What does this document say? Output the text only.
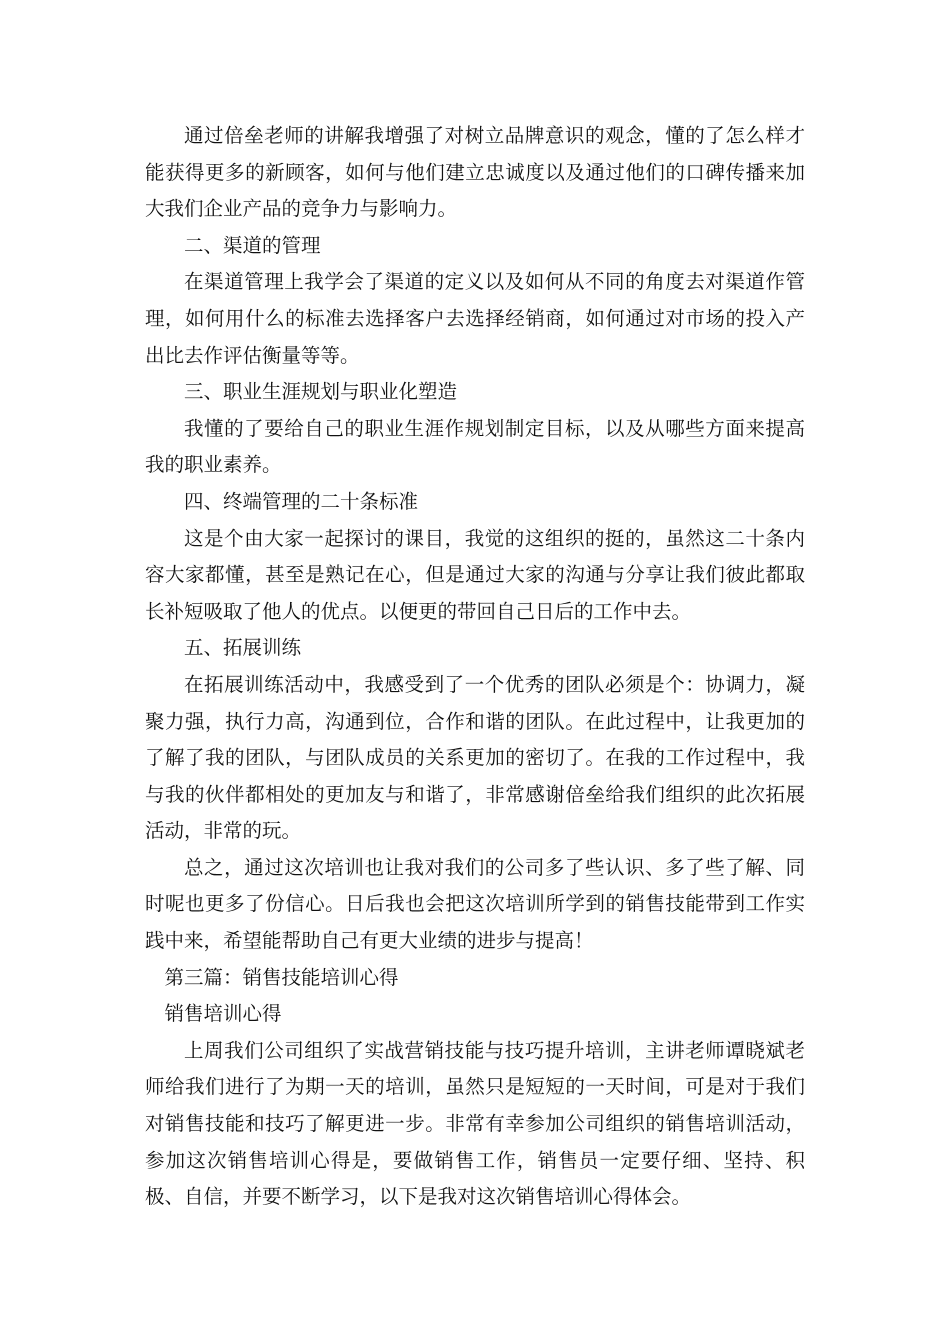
通过倍垒老师的讲解我增强了对树立品牌意识的观念，懂的了怎么样才能获得更多的新顾客，如何与他们建立忠诚度以及通过他们的口碑传播来加大我们企业产品的竞争力与影响力。

二、渠道的管理

在渠道管理上我学会了渠道的定义以及如何从不同的角度去对渠道作管理，如何用什么的标准去选择客户去选择经销商，如何通过对市场的投入产出比去作评估衡量等等。

三、职业生涯规划与职业化塑造

我懂的了要给自己的职业生涯作规划制定目标，以及从哪些方面来提高我的职业素养。

四、终端管理的二十条标准

这是个由大家一起探讨的课目，我觉的这组织的挺的，虽然这二十条内容大家都懂，甚至是熟记在心，但是通过大家的沟通与分享让我们彼此都取长补短吸取了他人的优点。以便更的带回自己日后的工作中去。

五、拓展训练

在拓展训练活动中，我感受到了一个优秀的团队必须是个：协调力，凝聚力强，执行力高，沟通到位，合作和谐的团队。在此过程中，让我更加的了解了我的团队，与团队成员的关系更加的密切了。在我的工作过程中，我与我的伙伴都相处的更加友与和谐了，非常感谢倍垒给我们组织的此次拓展活动，非常的玩。

总之，通过这次培训也让我对我们的公司多了些认识、多了些了解、同时呢也更多了份信心。日后我也会把这次培训所学到的销售技能带到工作实践中来，希望能帮助自己有更大业绩的进步与提高！

第三篇：销售技能培训心得

销售培训心得

上周我们公司组织了实战营销技能与技巧提升培训，主讲老师谭晓斌老师给我们进行了为期一天的培训，虽然只是短短的一天时间，可是对于我们对销售技能和技巧了解更进一步。非常有幸参加公司组织的销售培训活动，参加这次销售培训心得是，要做销售工作，销售员一定要仔细、坚持、积极、自信，并要不断学习，以下是我对这次销售培训心得体会。
